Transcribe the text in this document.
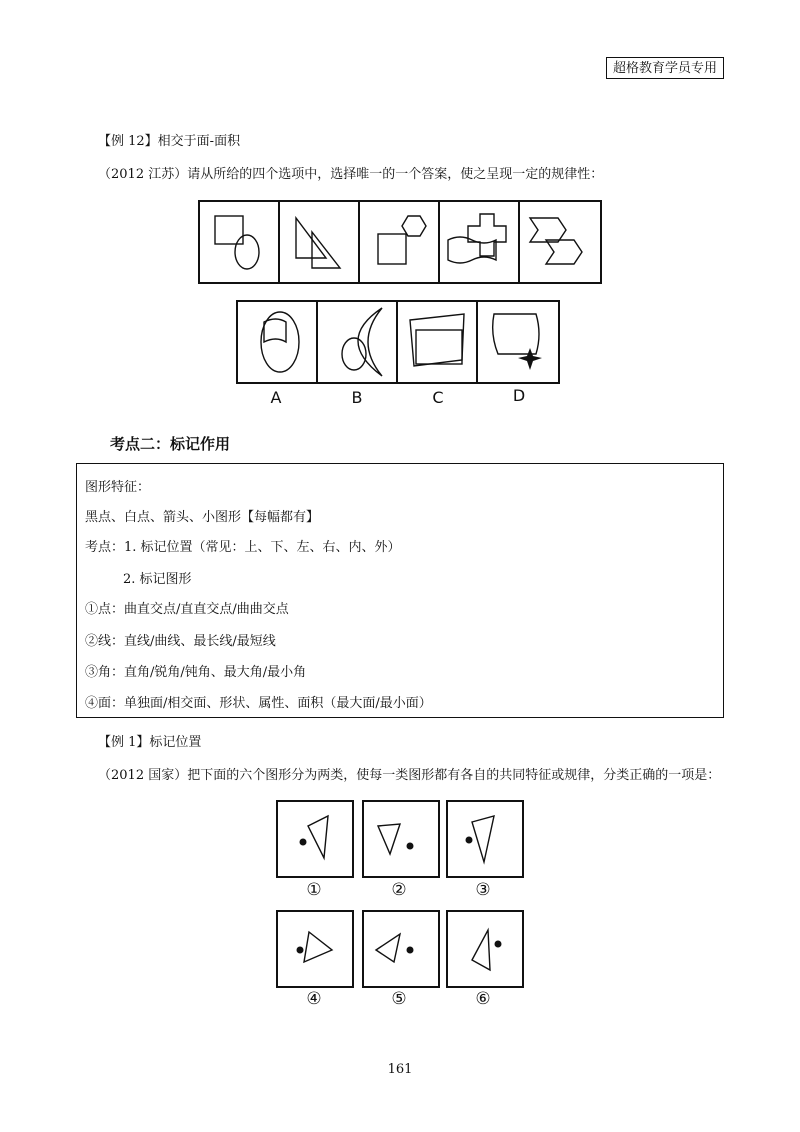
超格教育学员专用
【例 12】相交于面-面积
（2012 江苏）请从所给的四个选项中，选择唯一的一个答案，使之呈现一定的规律性：
A	B	C	D
考点二：标记作用
图形特征：
黑点、白点、箭头、小图形【每幅都有】
考点：1. 标记位置（常见：上、下、左、右、内、外）
2. 标记图形
①点：曲直交点/直直交点/曲曲交点
②线：直线/曲线、最长线/最短线
③角：直角/锐角/钝角、最大角/最小角
④面：单独面/相交面、形状、属性、面积（最大面/最小面）
【例 1】标记位置
（2012 国家）把下面的六个图形分为两类，使每一类图形都有各自的共同特征或规律，分类正确的一项是：
①	②	③
④	⑤	⑥
161
